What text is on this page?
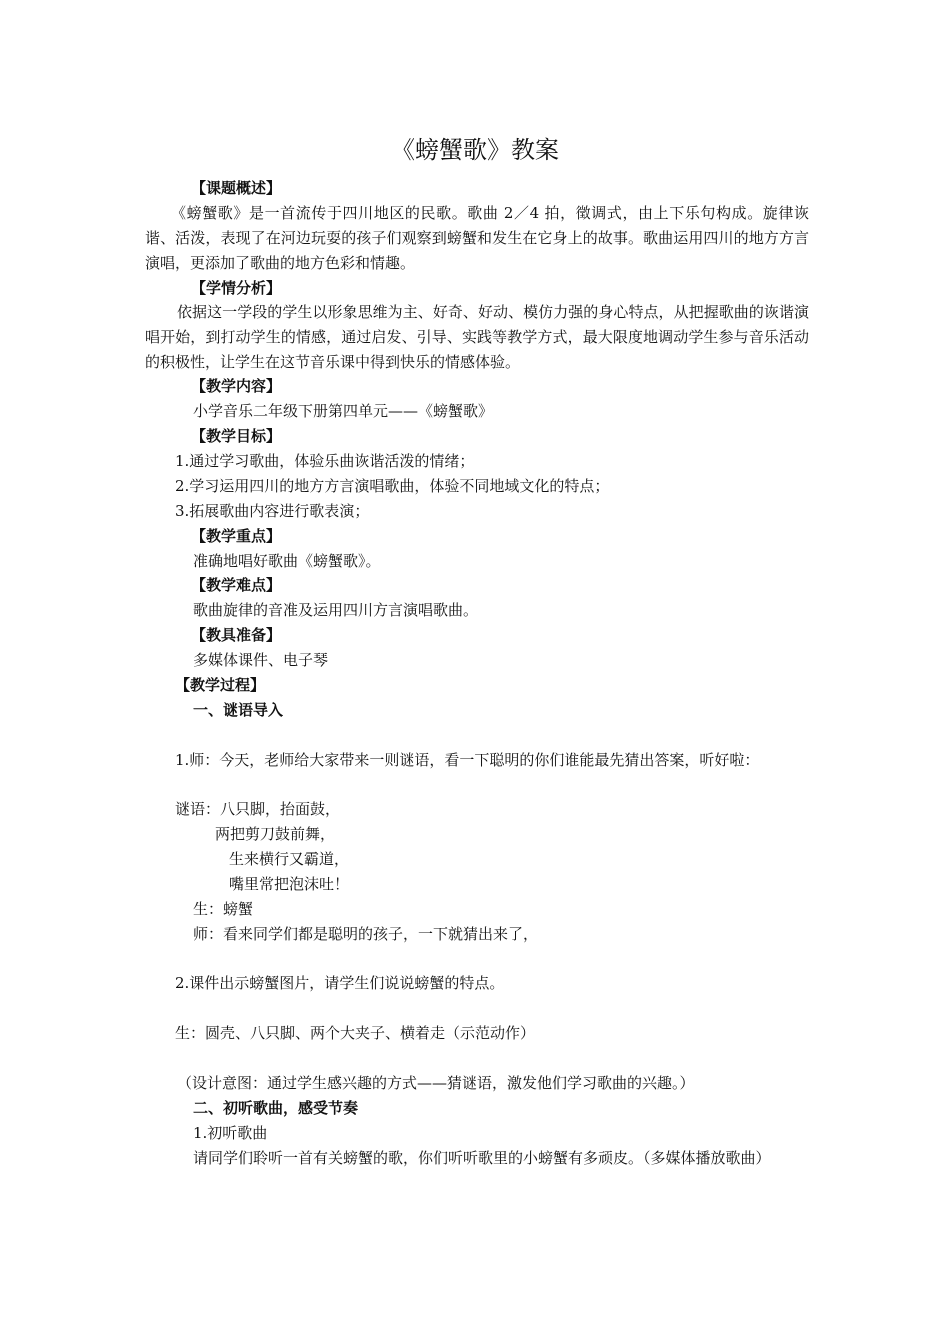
《螃蟹歌》教案
【课题概述】
《螃蟹歌》是一首流传于四川地区的民歌。歌曲 2／4 拍，徵调式，由上下乐句构成。旋律诙谐、活泼，表现了在河边玩耍的孩子们观察到螃蟹和发生在它身上的故事。歌曲运用四川的地方方言演唱，更添加了歌曲的地方色彩和情趣。
【学情分析】
依据这一学段的学生以形象思维为主、好奇、好动、模仿力强的身心特点，从把握歌曲的诙谐演唱开始，到打动学生的情感，通过启发、引导、实践等教学方式，最大限度地调动学生参与音乐活动的积极性，让学生在这节音乐课中得到快乐的情感体验。
【教学内容】
小学音乐二年级下册第四单元——《螃蟹歌》
【教学目标】
1.通过学习歌曲，体验乐曲诙谐活泼的情绪；
2.学习运用四川的地方方言演唱歌曲，体验不同地域文化的特点；
3.拓展歌曲内容进行歌表演；
【教学重点】
准确地唱好歌曲《螃蟹歌》。
【教学难点】
歌曲旋律的音准及运用四川方言演唱歌曲。
【教具准备】
多媒体课件、电子琴
【教学过程】
一、谜语导入
1.师：今天，老师给大家带来一则谜语，看一下聪明的你们谁能最先猜出答案，听好啦：
谜语：八只脚，抬面鼓，
两把剪刀鼓前舞，
生来横行又霸道，
嘴里常把泡沫吐！
生：螃蟹
师：看来同学们都是聪明的孩子，一下就猜出来了，
2.课件出示螃蟹图片，请学生们说说螃蟹的特点。
生：圆壳、八只脚、两个大夹子、横着走（示范动作）
（设计意图：通过学生感兴趣的方式——猜谜语，激发他们学习歌曲的兴趣。）
二、初听歌曲，感受节奏
1.初听歌曲
请同学们聆听一首有关螃蟹的歌，你们听听歌里的小螃蟹有多顽皮。（多媒体播放歌曲）
